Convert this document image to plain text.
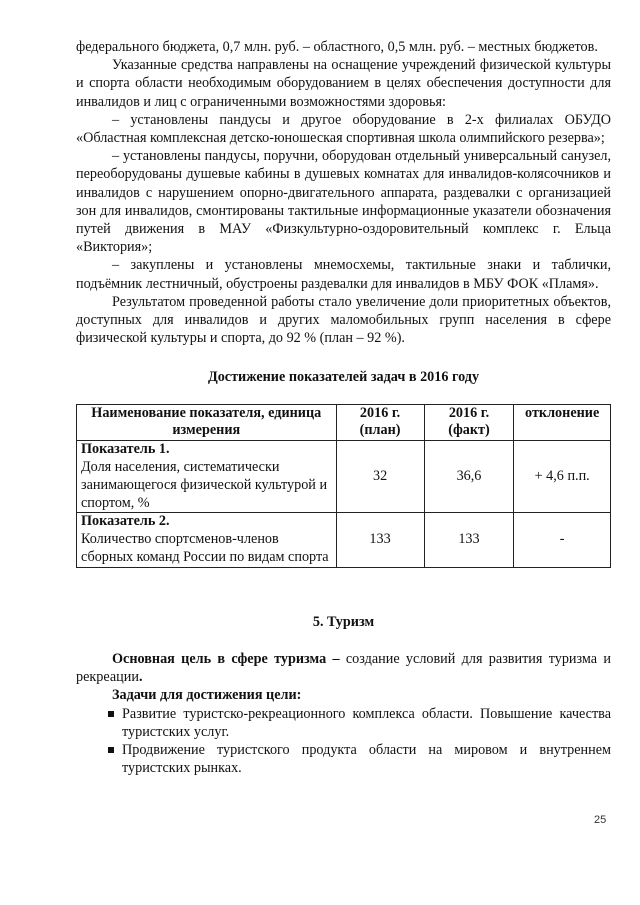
федерального бюджета, 0,7 млн. руб. – областного, 0,5 млн. руб. – местных бюджетов.

Указанные средства направлены на оснащение учреждений физической культуры и спорта области необходимым оборудованием в целях обеспечения доступности для инвалидов и лиц с ограниченными возможностями здоровья:

– установлены пандусы и другое оборудование в 2-х филиалах ОБУДО «Областная комплексная детско-юношеская спортивная школа олимпийского резерва»;

– установлены пандусы, поручни, оборудован отдельный универсальный санузел, переоборудованы душевые кабины в душевых комнатах для инвалидов-колясочников и инвалидов с нарушением опорно-двигательного аппарата, раздевалки с организацией зон для инвалидов, смонтированы тактильные информационные указатели обозначения путей движения в МАУ «Физкультурно-оздоровительный комплекс г. Ельца «Виктория»;

– закуплены и установлены мнемосхемы, тактильные знаки и таблички, подъёмник лестничный, обустроены раздевалки для инвалидов в МБУ ФОК «Пламя».

Результатом проведенной работы стало увеличение доли приоритетных объектов, доступных для инвалидов и других маломобильных групп населения в сфере физической культуры и спорта, до 92 % (план – 92 %).

Достижение показателей задач в 2016 году

Наименование показателя, единица измерения	2016 г. (план)	2016 г. (факт)	отклонение

Показатель 1.
Доля населения, систематически занимающегося физической культурой и спортом, %	32	36,6	+ 4,6 п.п.

Показатель 2.
Количество спортсменов-членов сборных команд России по видам спорта	133	133	-

5. Туризм

Основная цель в сфере туризма – создание условий для развития туризма и рекреации.

Задачи для достижения цели:

Развитие туристско-рекреационного комплекса области. Повышение качества туристских услуг.
Продвижение туристского продукта области на мировом и внутреннем туристских рынках.
25
